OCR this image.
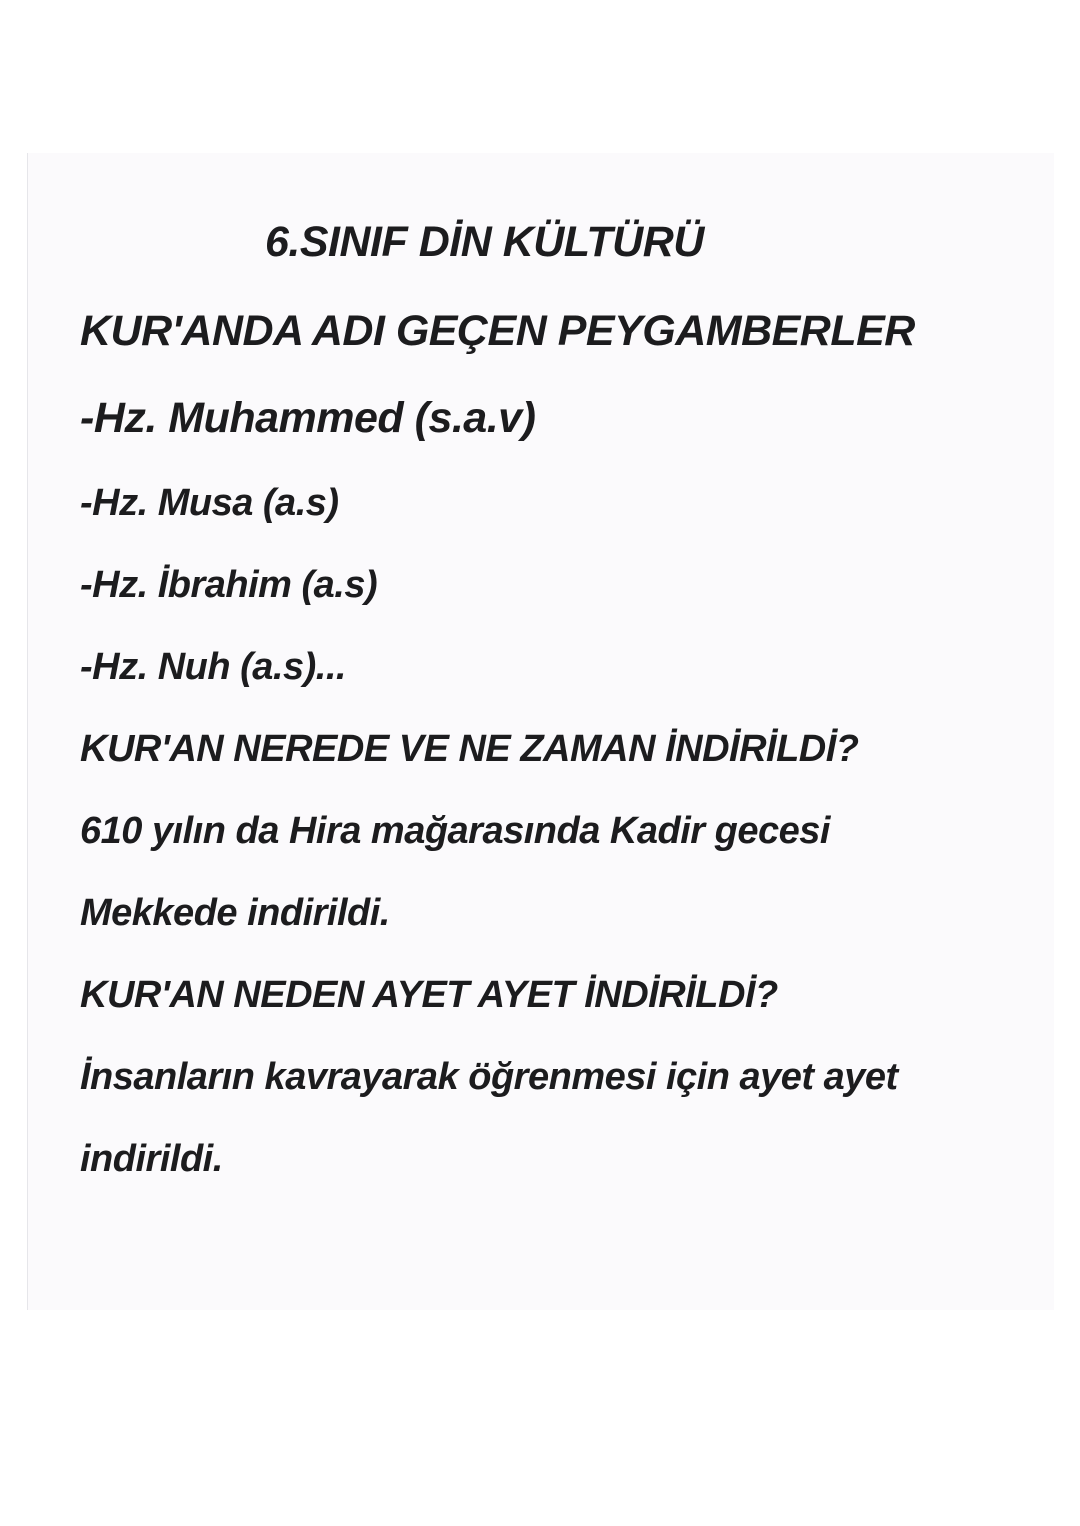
6.SINIF DİN KÜLTÜRÜ

KUR'ANDA ADI GEÇEN PEYGAMBERLER

-Hz. Muhammed (s.a.v)

-Hz. Musa (a.s)

-Hz. İbrahim (a.s)

-Hz. Nuh (a.s)...

KUR'AN NEREDE VE NE ZAMAN İNDİRİLDİ?

610 yılın da Hira mağarasında Kadir gecesi

Mekkede indirildi.

KUR'AN NEDEN AYET AYET İNDİRİLDİ?

İnsanların kavrayarak öğrenmesi için ayet ayet

indirildi.
